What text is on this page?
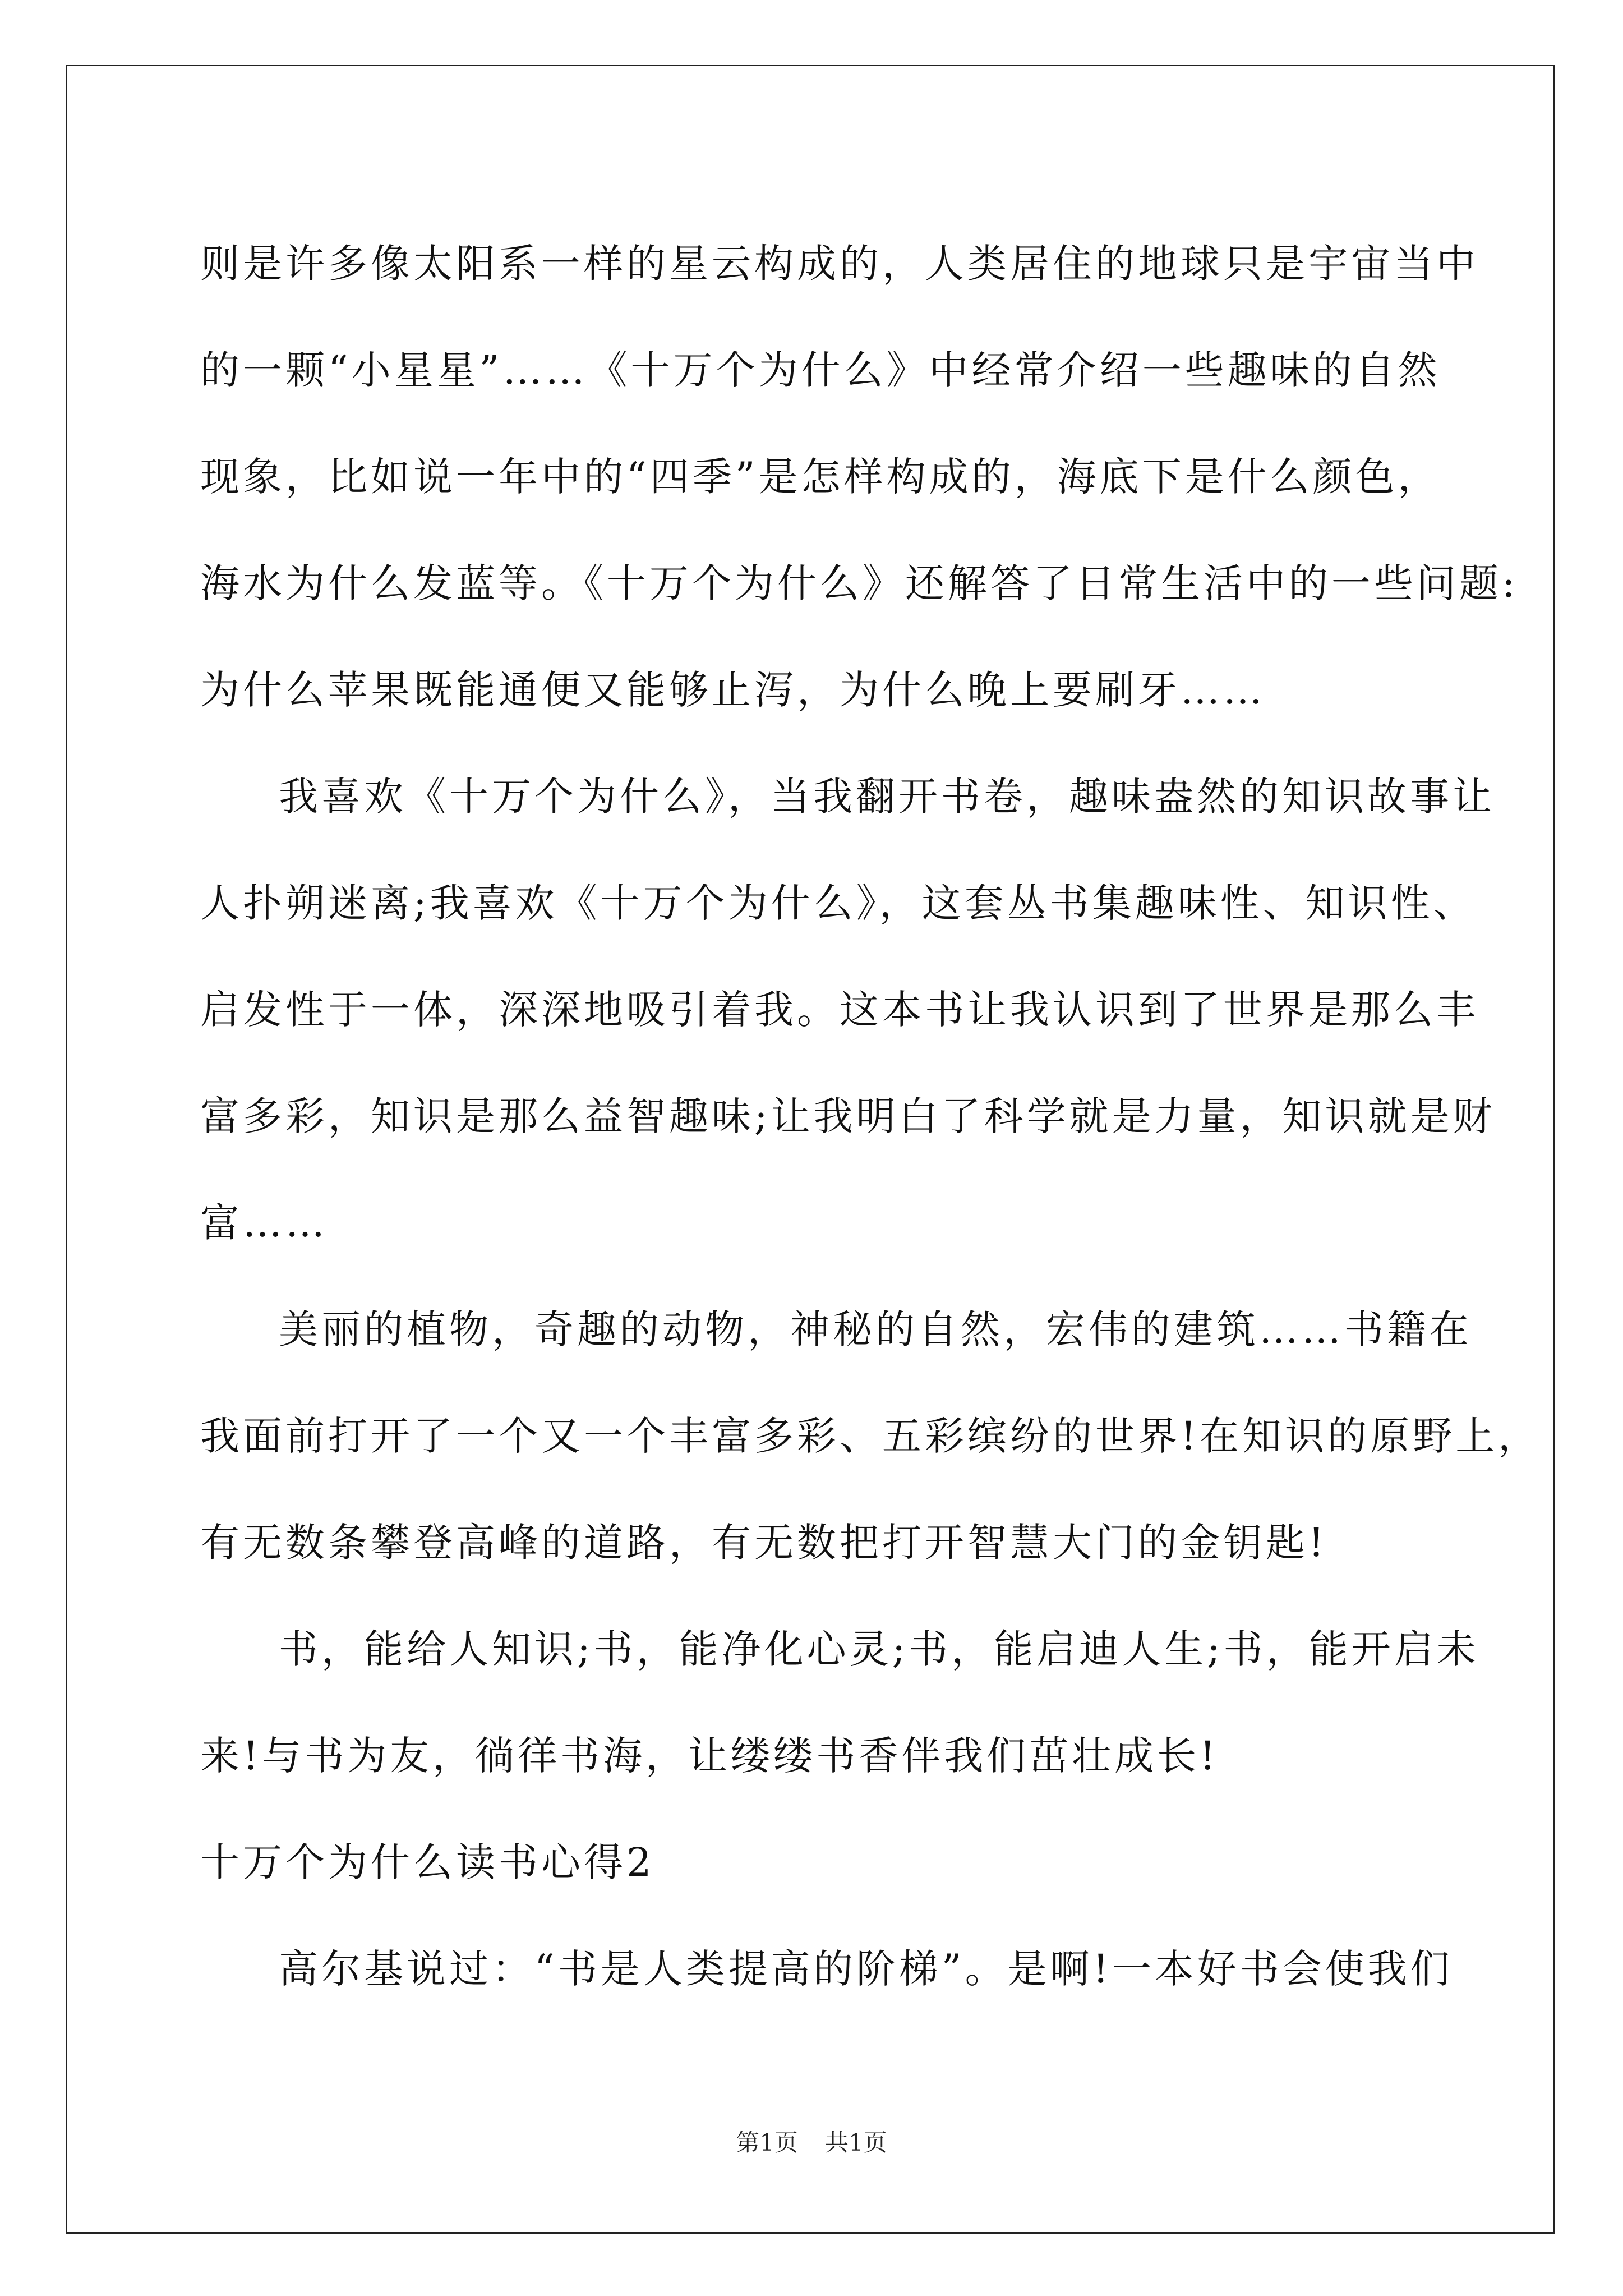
则是许多像太阳系一样的星云构成的，人类居住的地球只是宇宙当中
的一颗“小星星”……《十万个为什么》中经常介绍一些趣味的自然
现象，比如说一年中的“四季”是怎样构成的，海底下是什么颜色，
海水为什么发蓝等。《十万个为什么》还解答了日常生活中的一些问题:
为什么苹果既能通便又能够止泻，为什么晚上要刷牙……
我喜欢《十万个为什么》，当我翻开书卷，趣味盎然的知识故事让
人扑朔迷离;我喜欢《十万个为什么》，这套丛书集趣味性、知识性、
启发性于一体，深深地吸引着我。这本书让我认识到了世界是那么丰
富多彩，知识是那么益智趣味;让我明白了科学就是力量，知识就是财
富……
美丽的植物，奇趣的动物，神秘的自然，宏伟的建筑……书籍在
我面前打开了一个又一个丰富多彩、五彩缤纷的世界!在知识的原野上，
有无数条攀登高峰的道路，有无数把打开智慧大门的金钥匙!
书，能给人知识;书，能净化心灵;书，能启迪人生;书，能开启未
来!与书为友，徜徉书海，让缕缕书香伴我们茁壮成长!
十万个为什么读书心得2
高尔基说过：“书是人类提高的阶梯”。是啊!一本好书会使我们
第1页 共1页
